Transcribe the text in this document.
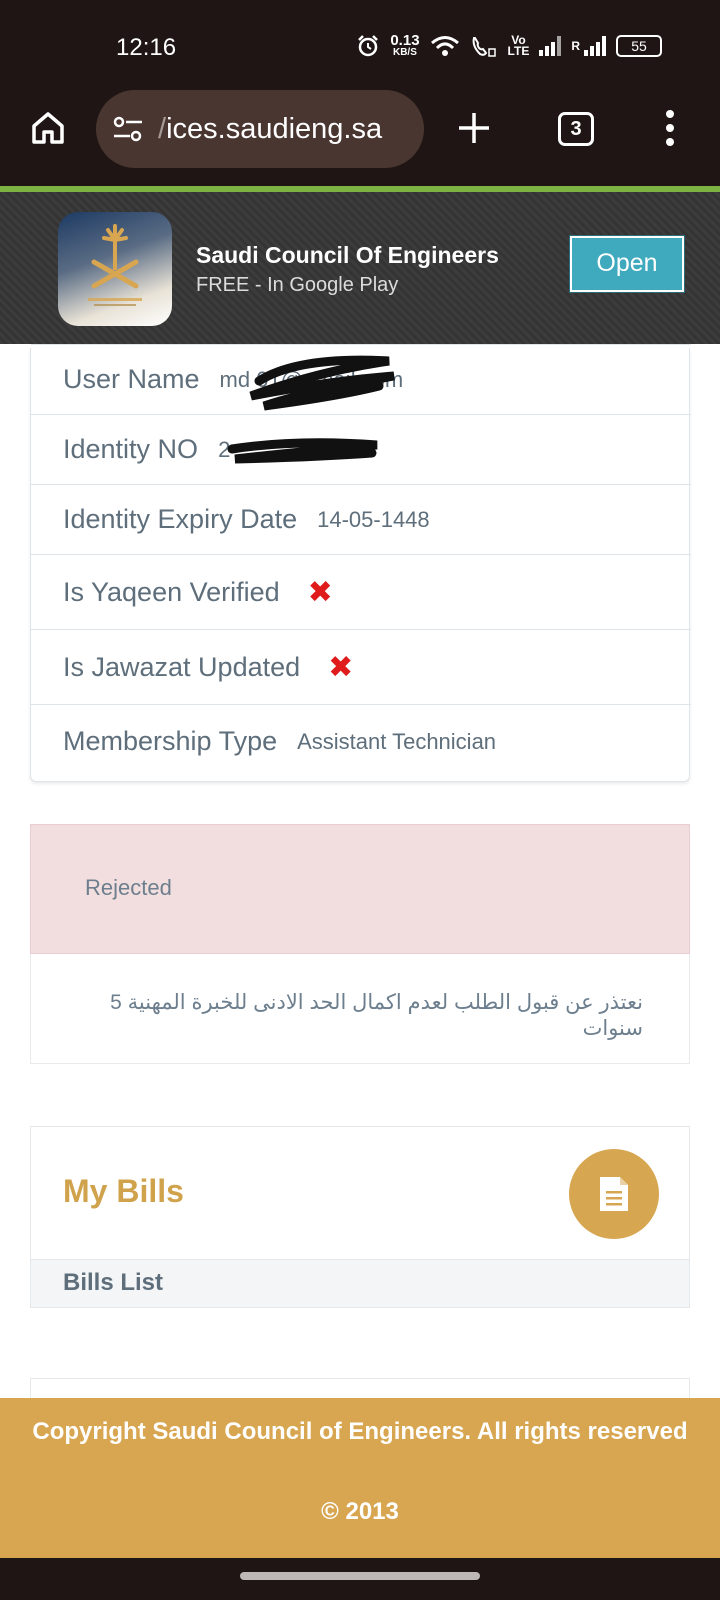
12:16	0.13
KB/S
Vo
LTE	R	55
/ices.saudieng.sa	3
Saudi Council Of Engineers
FREE - In Google Play
Open
User Name md 01@gmail.com
Identity NO 2
Identity Expiry Date 14-05-1448
Is Yaqeen Verified ✖
Is Jawazat Updated ✖
Membership Type Assistant Technician
Rejected
نعتذر عن قبول الطلب لعدم اكمال الحد الادنى للخبرة المهنية 5 سنوات
My Bills
Bills List
Copyright Saudi Council of Engineers. All rights reserved
© 2013
